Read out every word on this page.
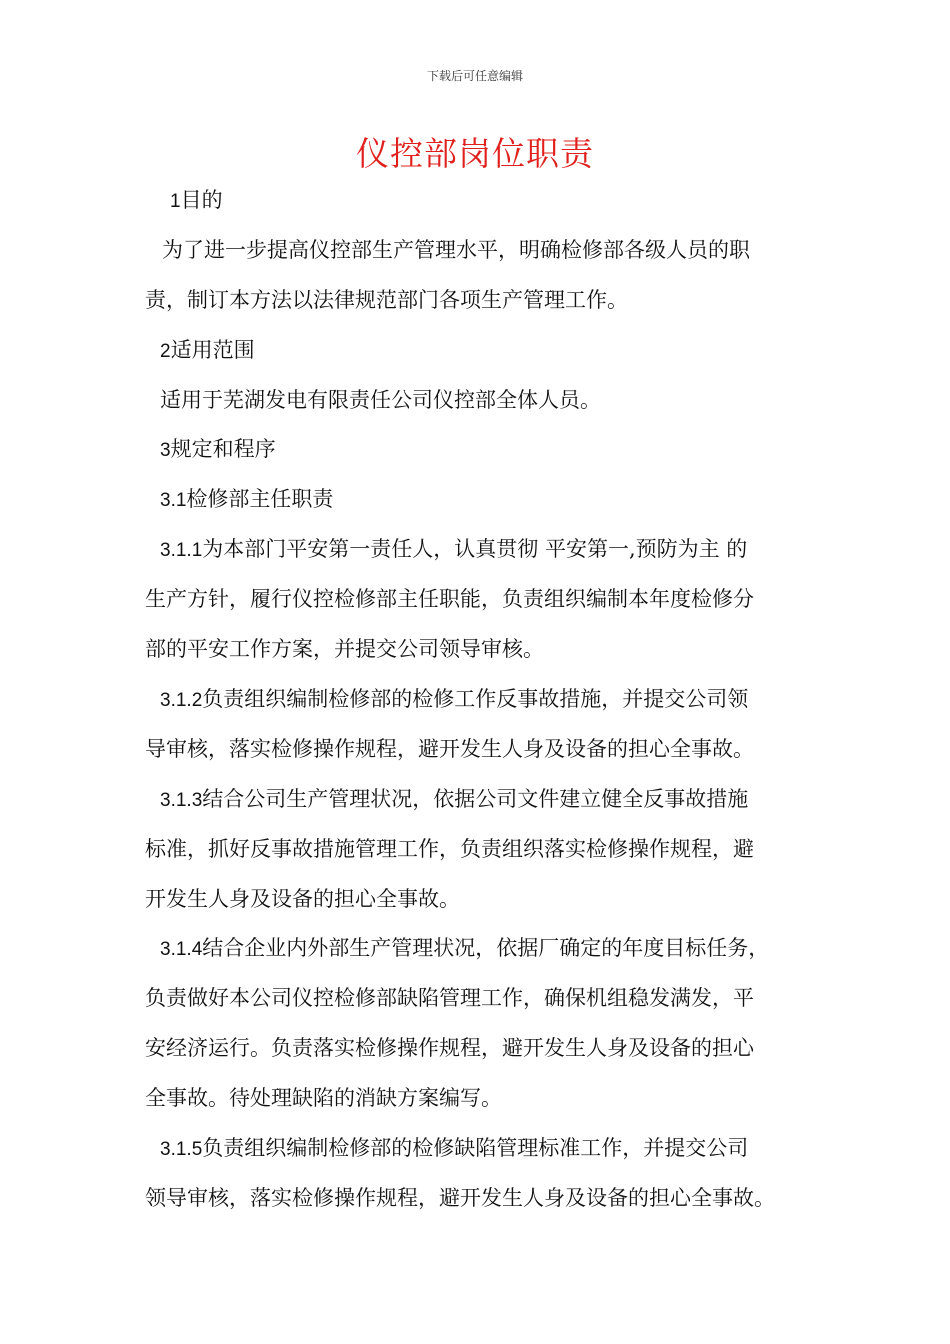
下载后可任意编辑
仪控部岗位职责
1目的
为了进一步提高仪控部生产管理水平，明确检修部各级人员的职
责，制订本方法以法律规范部门各项生产管理工作。
2适用范围
适用于芜湖发电有限责任公司仪控部全体人员。
3规定和程序
3.1检修部主任职责
3.1.1为本部门平安第一责任人，认真贯彻 平安第一,预防为主 的
生产方针，履行仪控检修部主任职能，负责组织编制本年度检修分
部的平安工作方案，并提交公司领导审核。
3.1.2负责组织编制检修部的检修工作反事故措施，并提交公司领
导审核，落实检修操作规程，避开发生人身及设备的担心全事故。
3.1.3结合公司生产管理状况，依据公司文件建立健全反事故措施
标准，抓好反事故措施管理工作，负责组织落实检修操作规程，避
开发生人身及设备的担心全事故。
3.1.4结合企业内外部生产管理状况，依据厂确定的年度目标任务，
负责做好本公司仪控检修部缺陷管理工作，确保机组稳发满发，平
安经济运行。负责落实检修操作规程，避开发生人身及设备的担心
全事故。待处理缺陷的消缺方案编写。
3.1.5负责组织编制检修部的检修缺陷管理标准工作，并提交公司
领导审核，落实检修操作规程，避开发生人身及设备的担心全事故。
